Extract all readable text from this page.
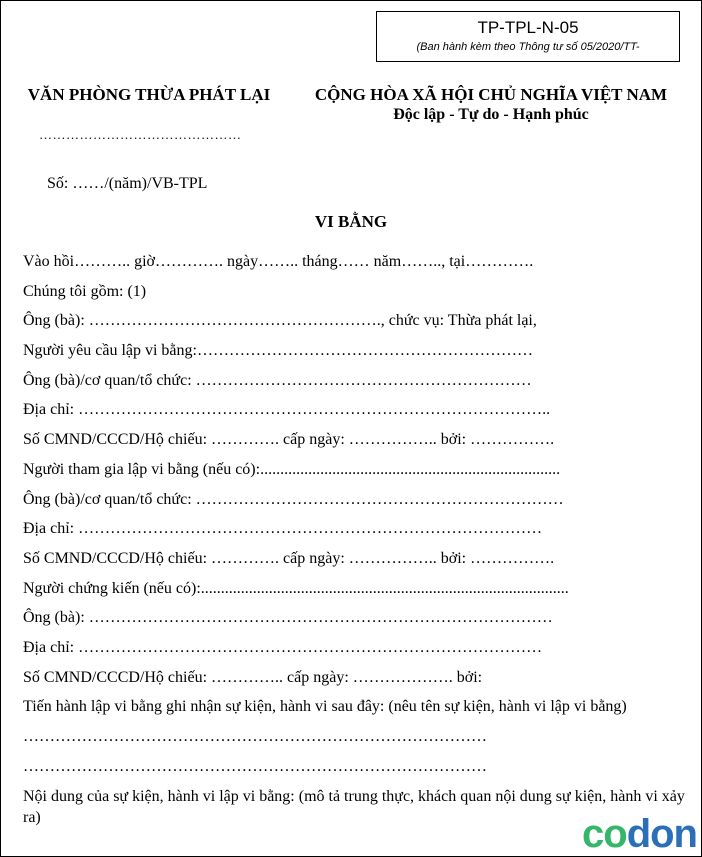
TP-TPL-N-05
(Ban hành kèm theo Thông tư số 05/2020/TT-
VĂN PHÒNG THỪA PHÁT LẠI
………………………………………
CỘNG HÒA XÃ HỘI CHỦ NGHĨA VIỆT NAM
Độc lập - Tự do - Hạnh phúc
Số: ……/(năm)/VB-TPL
VI BẰNG
Vào hồi……….. giờ…………. ngày…….. tháng…… năm…….., tại………….
Chúng tôi gồm: (1)
Ông (bà): ………………………………………………., chức vụ: Thừa phát lại,
Người yêu cầu lập vi bằng:………………………………………………………
Ông (bà)/cơ quan/tổ chức: ………………………………………………………
Địa chỉ: ……………………………………………………………………………..
Số CMND/CCCD/Hộ chiếu: …………. cấp ngày: …………….. bởi: …………….
Người tham gia lập vi bằng (nếu có):...........................................................................
Ông (bà)/cơ quan/tổ chức: ……………………………………………………………
Địa chỉ: ……………………………………………………………………………
Số CMND/CCCD/Hộ chiếu: …………. cấp ngày: …………….. bởi: …………….
Người chứng kiến (nếu có):............................................................................................
Ông (bà): ……………………………………………………………………………
Địa chỉ: ……………………………………………………………………………
Số CMND/CCCD/Hộ chiếu: ………….. cấp ngày: ………………. bởi:
Tiến hành lập vi bằng ghi nhận sự kiện, hành vi sau đây: (nêu tên sự kiện, hành vi lập vi bằng)
……………………………………………………………………………
……………………………………………………………………………
Nội dung của sự kiện, hành vi lập vi bằng: (mô tả trung thực, khách quan nội dung sự kiện, hành vi xảy ra)	codon
